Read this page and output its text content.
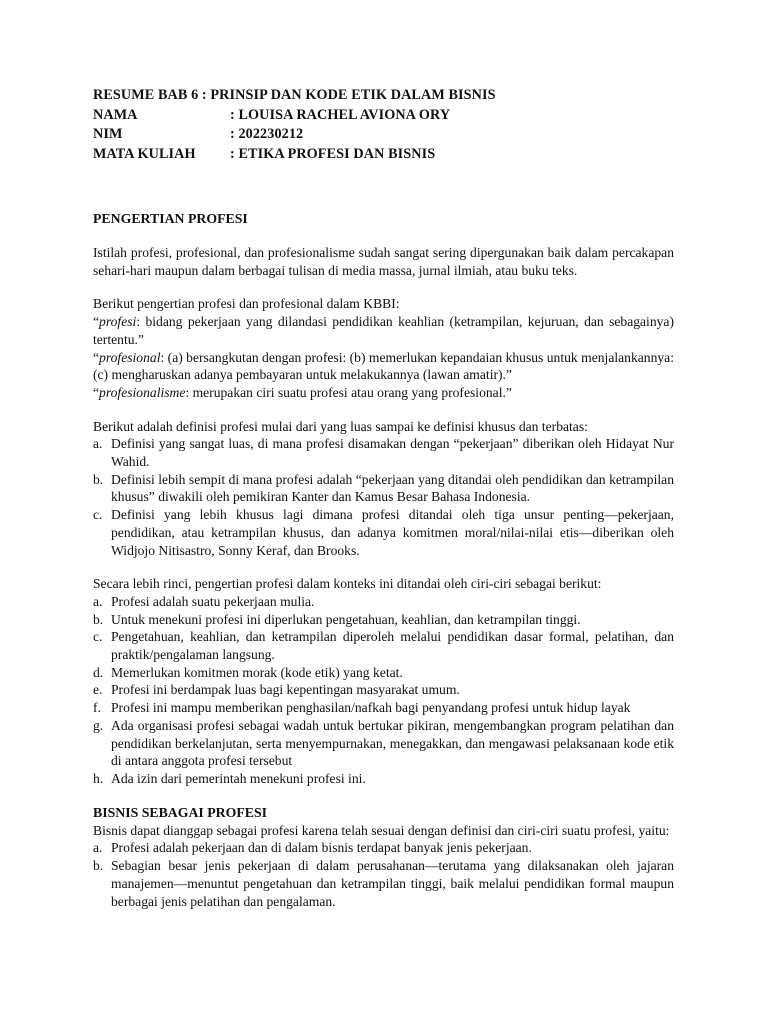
RESUME BAB 6 : PRINSIP DAN KODE ETIK DALAM BISNIS
NAMA	: LOUISA RACHEL AVIONA ORY
NIM	: 202230212
MATA KULIAH	: ETIKA PROFESI DAN BISNIS
PENGERTIAN PROFESI

Istilah profesi, profesional, dan profesionalisme sudah sangat sering dipergunakan baik dalam percakapan sehari-hari maupun dalam berbagai tulisan di media massa, jurnal ilmiah, atau buku teks.

Berikut pengertian profesi dan profesional dalam KBBI:

“profesi: bidang pekerjaan yang dilandasi pendidikan keahlian (ketrampilan, kejuruan, dan sebagainya) tertentu.”
“profesional: (a) bersangkutan dengan profesi: (b) memerlukan kepandaian khusus untuk menjalankannya: (c) mengharuskan adanya pembayaran untuk melakukannya (lawan amatir).”
“profesionalisme: merupakan ciri suatu profesi atau orang yang profesional.”

Berikut adalah definisi profesi mulai dari yang luas sampai ke definisi khusus dan terbatas:

a. Definisi yang sangat luas, di mana profesi disamakan dengan “pekerjaan” diberikan oleh Hidayat Nur Wahid.
b. Definisi lebih sempit di mana profesi adalah “pekerjaan yang ditandai oleh pendidikan dan ketrampilan khusus” diwakili oleh pemikiran Kanter dan Kamus Besar Bahasa Indonesia.
c. Definisi yang lebih khusus lagi dimana profesi ditandai oleh tiga unsur penting—pekerjaan, pendidikan, atau ketrampilan khusus, dan adanya komitmen moral/nilai-nilai etis—diberikan oleh Widjojo Nitisastro, Sonny Keraf, dan Brooks.

Secara lebih rinci, pengertian profesi dalam konteks ini ditandai oleh ciri-ciri sebagai berikut:

a. Profesi adalah suatu pekerjaan mulia.
b. Untuk menekuni profesi ini diperlukan pengetahuan, keahlian, dan ketrampilan tinggi.
c. Pengetahuan, keahlian, dan ketrampilan diperoleh melalui pendidikan dasar formal, pelatihan, dan praktik/pengalaman langsung.
d. Memerlukan komitmen morak (kode etik) yang ketat.
e. Profesi ini berdampak luas bagi kepentingan masyarakat umum.
f. Profesi ini mampu memberikan penghasilan/nafkah bagi penyandang profesi untuk hidup layak
g. Ada organisasi profesi sebagai wadah untuk bertukar pikiran, mengembangkan program pelatihan dan pendidikan berkelanjutan, serta menyempurnakan, menegakkan, dan mengawasi pelaksanaan kode etik di antara anggota profesi tersebut
h. Ada izin dari pemerintah menekuni profesi ini.
BISNIS SEBAGAI PROFESI

Bisnis dapat dianggap sebagai profesi karena telah sesuai dengan definisi dan ciri-ciri suatu profesi, yaitu:

a. Profesi adalah pekerjaan dan di dalam bisnis terdapat banyak jenis pekerjaan.
b. Sebagian besar jenis pekerjaan di dalam perusahanan—terutama yang dilaksanakan oleh jajaran manajemen—menuntut pengetahuan dan ketrampilan tinggi, baik melalui pendidikan formal maupun berbagai jenis pelatihan dan pengalaman.
